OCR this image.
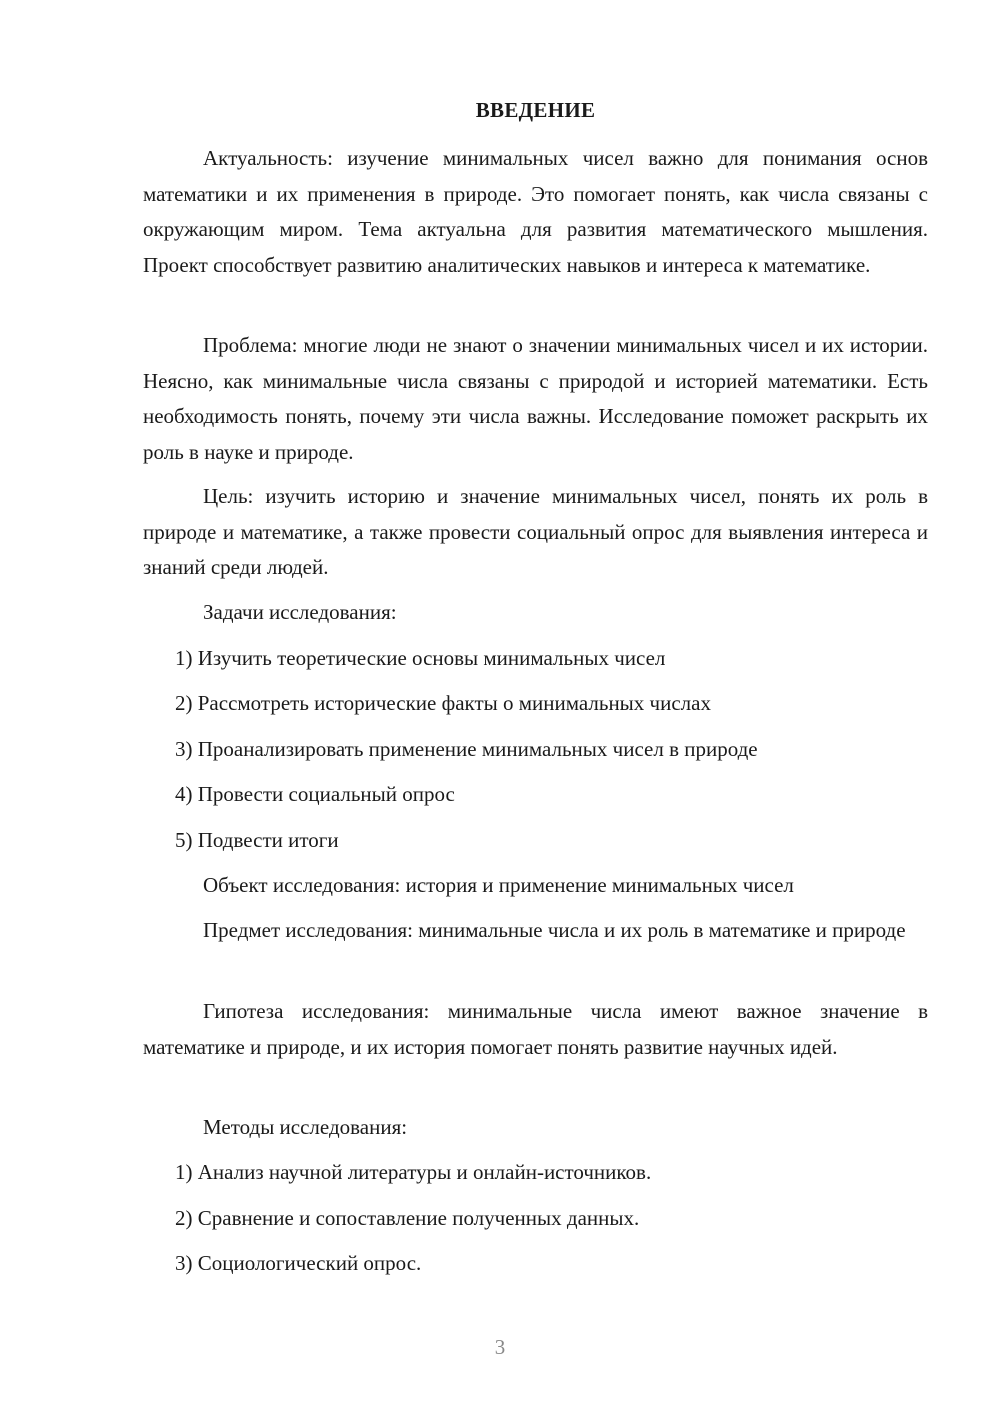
ВВЕДЕНИЕ

Актуальность: изучение минимальных чисел важно для понимания основ математики и их применения в природе. Это помогает понять, как числа связаны с окружающим миром. Тема актуальна для развития математического мышления. Проект способствует развитию аналитических навыков и интереса к математике.

Проблема: многие люди не знают о значении минимальных чисел и их истории. Неясно, как минимальные числа связаны с природой и историей математики. Есть необходимость понять, почему эти числа важны. Исследование поможет раскрыть их роль в науке и природе.

Цель: изучить историю и значение минимальных чисел, понять их роль в природе и математике, а также провести социальный опрос для выявления интереса и знаний среди людей.

Задачи исследования:

1) Изучить теоретические основы минимальных чисел

2) Рассмотреть исторические факты о минимальных числах

3) Проанализировать применение минимальных чисел в природе

4) Провести социальный опрос

5) Подвести итоги

Объект исследования: история и применение минимальных чисел

Предмет исследования: минимальные числа и их роль в математике и природе

Гипотеза исследования: минимальные числа имеют важное значение в математике и природе, и их история помогает понять развитие научных идей.

Методы исследования:

1) Анализ научной литературы и онлайн-источников.

2) Сравнение и сопоставление полученных данных.

3) Социологический опрос.

3
